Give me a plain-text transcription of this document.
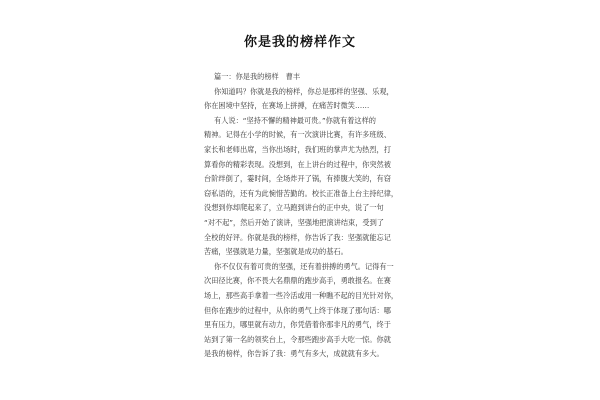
你是我的榜样作文
篇一：你是我的榜样 曹丰
你知道吗？你就是我的榜样，你总是那样的坚强、乐观，
你在困境中坚持，在赛场上拼搏，在痛苦时微笑……
有人说：“坚持不懈的精神最可贵。”你就有着这样的
精神。记得在小学的时候，有一次演讲比赛，有许多班级、
家长和老师出席，当你出场时，我们班的掌声尤为热烈，打
算看你的精彩表现。没想到，在上讲台的过程中，你突然被
台阶绊倒了，霎时间，全场炸开了锅，有捧腹大笑的，有窃
窃私语的，还有为此惋惜苦勤的。校长正准备上台主持纪律，
没想到你却爬起来了，立马跑到讲台的正中央，说了一句
“对不起”，然后开始了演讲，坚强地把演讲结束，受到了
全校的好评。你就是我的榜样，你告诉了我：坚强就能忘记
苦痛，坚强就是力量，坚强就是成功的基石。
你不仅仅有着可贵的坚强，还有着拼搏的勇气。记得有一
次田径比赛，你不畏大名鼎鼎的跑步高手，勇敢报名。在赛
场上，那些高手拿着一些冷活或用一种瞧不起的目光针对你，
但你在跑步的过程中，从你的勇气上终于体现了那句话：哪
里有压力，哪里就有动力，你凭借着你那非凡的勇气，终于
站到了第一名的领奖台上，令那些跑步高手大吃一惊。你就
是我的榜样，你告诉了我：勇气有多大，成就就有多大。
